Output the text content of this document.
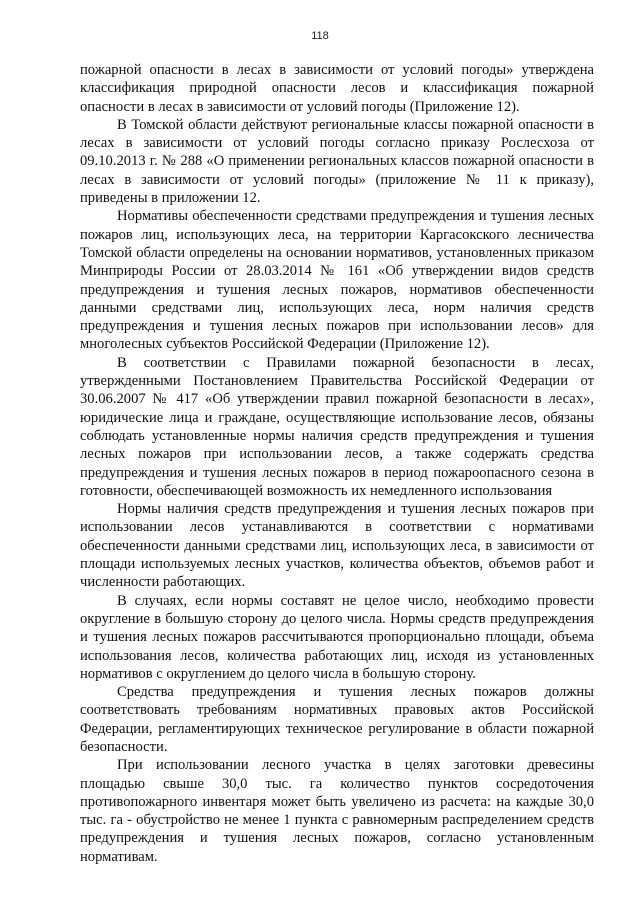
118

пожарной опасности в лесах в зависимости от условий погоды» утверждена классификация природной опасности лесов и классификация пожарной опасности в лесах в зависимости от условий погоды (Приложение 12).

В Томской области действуют региональные классы пожарной опасности в лесах в зависимости от условий погоды согласно приказу Рослесхоза от 09.10.2013 г. № 288 «О применении региональных классов пожарной опасности в лесах в зависимости от условий погоды» (приложение № 11 к приказу), приведены в приложении 12.

Нормативы обеспеченности средствами предупреждения и тушения лесных пожаров лиц, использующих леса, на территории Каргасокского лесничества Томской области определены на основании нормативов, установленных приказом Минприроды России от 28.03.2014 № 161 «Об утверждении видов средств предупреждения и тушения лесных пожаров, нормативов обеспеченности данными средствами лиц, использующих леса, норм наличия средств предупреждения и тушения лесных пожаров при использовании лесов» для многолесных субъектов Российской Федерации (Приложение 12).

В соответствии с Правилами пожарной безопасности в лесах, утвержденными Постановлением Правительства Российской Федерации от 30.06.2007 № 417 «Об утверждении правил пожарной безопасности в лесах», юридические лица и граждане, осуществляющие использование лесов, обязаны соблюдать установленные нормы наличия средств предупреждения и тушения лесных пожаров при использовании лесов, а также содержать средства предупреждения и тушения лесных пожаров в период пожароопасного сезона в готовности, обеспечивающей возможность их немедленного использования

Нормы наличия средств предупреждения и тушения лесных пожаров при использовании лесов устанавливаются в соответствии с нормативами обеспеченности данными средствами лиц, использующих леса, в зависимости от площади используемых лесных участков, количества объектов, объемов работ и численности работающих.

В случаях, если нормы составят не целое число, необходимо провести округление в большую сторону до целого числа. Нормы средств предупреждения и тушения лесных пожаров рассчитываются пропорционально площади, объема использования лесов, количества работающих лиц, исходя из установленных нормативов с округлением до целого числа в большую сторону.

Средства предупреждения и тушения лесных пожаров должны соответствовать требованиям нормативных правовых актов Российской Федерации, регламентирующих техническое регулирование в области пожарной безопасности.

При использовании лесного участка в целях заготовки древесины площадью свыше 30,0 тыс. га количество пунктов сосредоточения противопожарного инвентаря может быть увеличено из расчета: на каждые 30,0 тыс. га - обустройство не менее 1 пункта с равномерным распределением средств предупреждения и тушения лесных пожаров, согласно установленным нормативам.
